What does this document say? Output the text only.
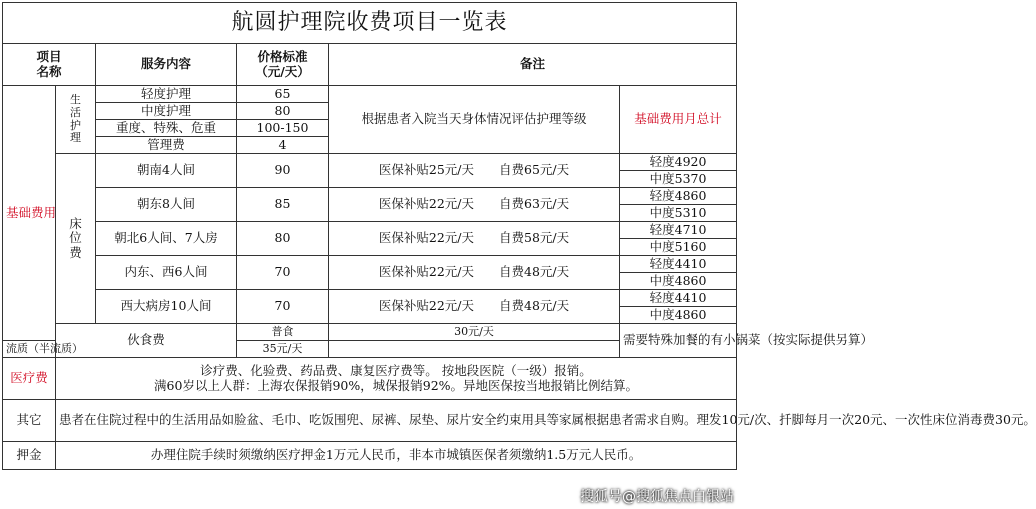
航圆护理院收费项目一览表					
项目
名称		服务内容	价格标准
（元/天）	备注	
基础费用	生
活
护
理	轻度护理	65	根据患者入院当天身体情况评估护理等级	基础费用月总计
		中度护理	80		
		重度、特殊、危重	100-150		
		管理费	4		
	床
位
费	朝南4人间	90	医保补贴25元/天　　自费65元/天	轻度4920
					中度5370
		朝东8人间	85	医保补贴22元/天　　自费63元/天	轻度4860
					中度5310
		朝北6人间、7人房	80	医保补贴22元/天　　自费58元/天	轻度4710
					中度5160
		内东、西6人间	70	医保补贴22元/天　　自费48元/天	轻度4410
					中度4860
		西大病房10人间	70	医保补贴22元/天　　自费48元/天	轻度4410
					中度4860
	伙食费		普食	30元/天	需要特殊加餐的有小锅菜（按实际提供另算）
流质（半流质）			35元/天		
医疗费	诊疗费、化验费、药品费、康复医疗费等。 按地段医院（一级）报销。
满60岁以上人群：上海农保报销90%，城保报销92%。异地医保按当地报销比例结算。				
其它	患者在住院过程中的生活用品如脸盆、毛巾、吃饭围兜、尿裤、尿垫、尿片安全约束用具等家属根据患者需求自购。理发10元/次、扦脚每月一次20元、一次性床位消毒费30元。				
押金	办理住院手续时须缴纳医疗押金1万元人民币，非本市城镇医保者须缴纳1.5万元人民币。				
搜狐号@搜狐焦点白银站
